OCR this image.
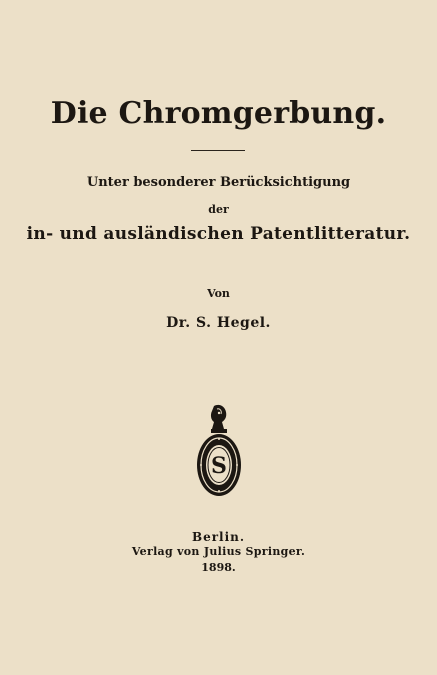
Die Chromgerbung.
Unter besonderer Berücksichtigung
der
in- und ausländischen Patentlitteratur.
Von
Dr. S. Hegel.
S
Berlin.
Verlag von Julius Springer.
1898.
